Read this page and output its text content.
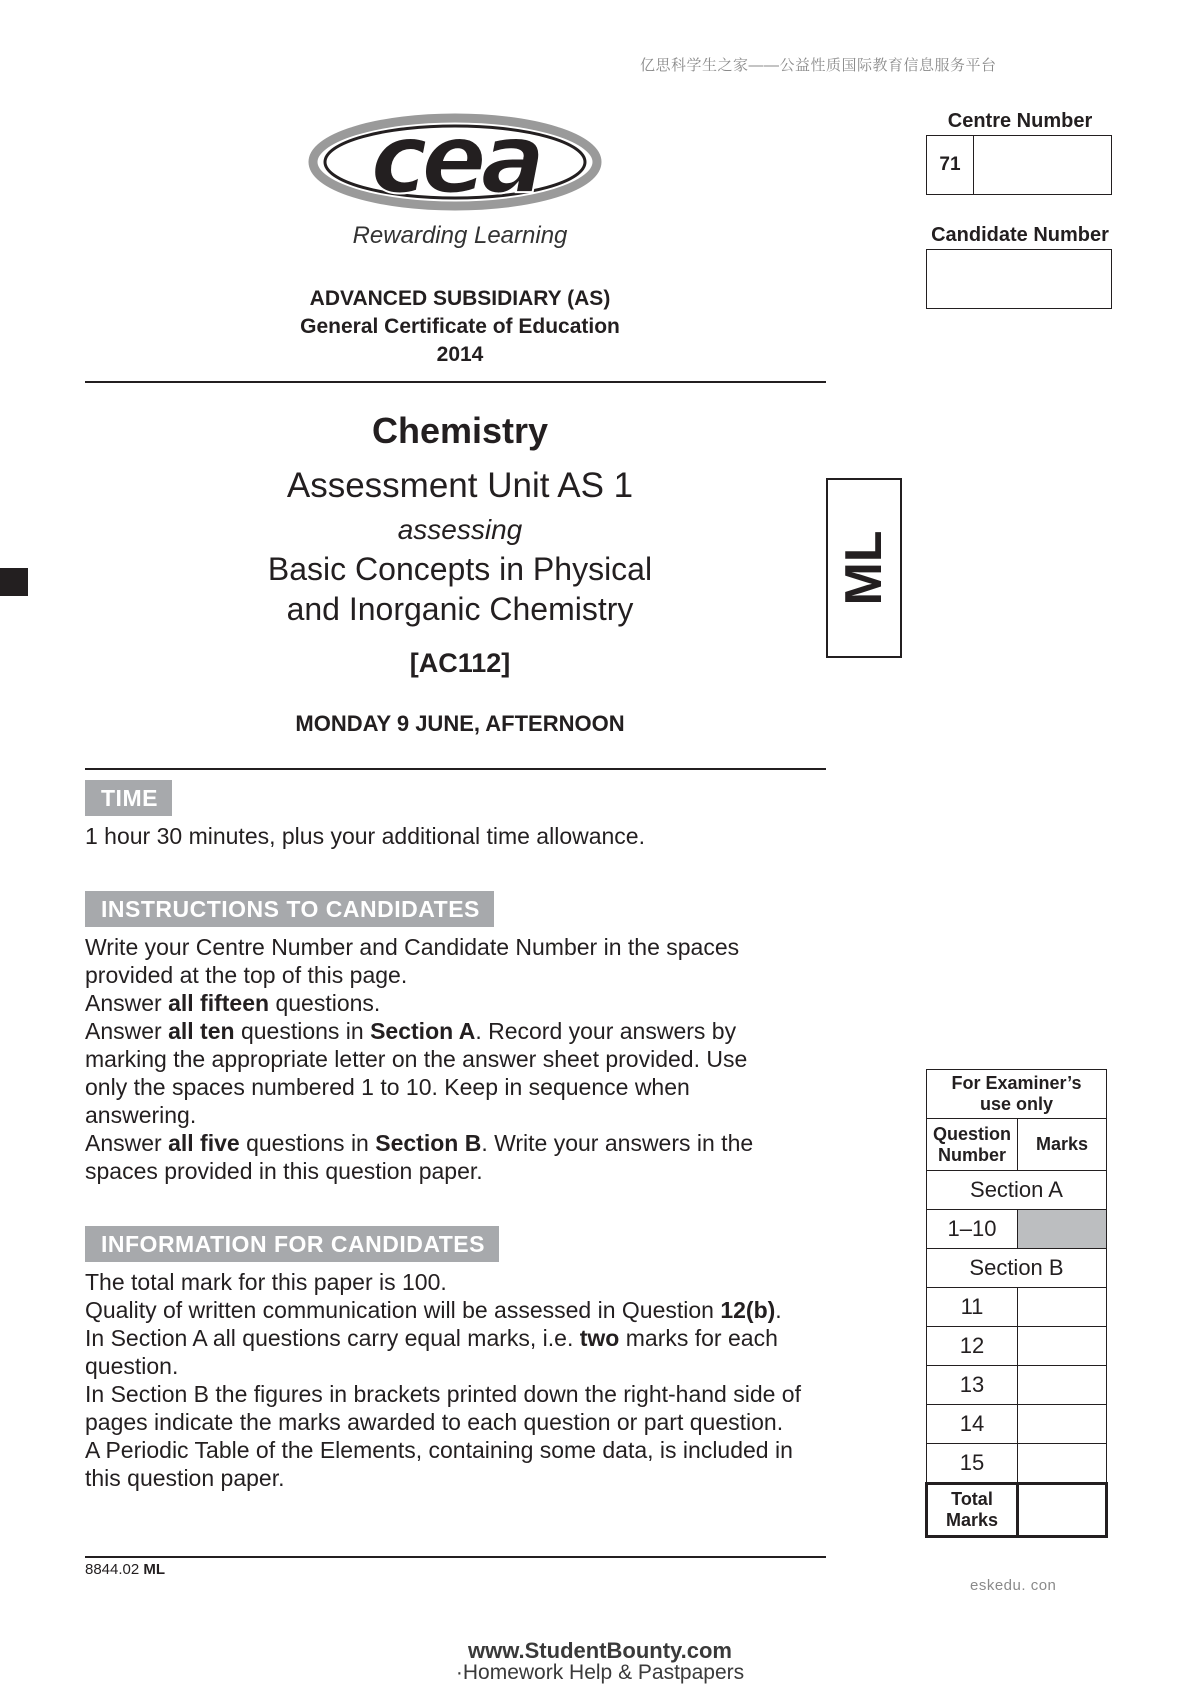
亿思科学生之家——公益性质国际教育信息服务平台
cea
Rewarding Learning
ADVANCED SUBSIDIARY (AS)
General Certificate of Education
2014
Chemistry
Assessment Unit AS 1
assessing
Basic Concepts in Physical
and Inorganic Chemistry
[AC112]
MONDAY 9 JUNE, AFTERNOON
ML
TIME
1 hour 30 minutes, plus your additional time allowance.
INSTRUCTIONS TO CANDIDATES
Write your Centre Number and Candidate Number in the spaces provided at the top of this page.
Answer all fifteen questions.
Answer all ten questions in Section A. Record your answers by marking the appropriate letter on the answer sheet provided. Use only the spaces numbered 1 to 10. Keep in sequence when answering.
Answer all five questions in Section B. Write your answers in the spaces provided in this question paper.
INFORMATION FOR CANDIDATES
The total mark for this paper is 100.
Quality of written communication will be assessed in Question 12(b).
In Section A all questions carry equal marks, i.e. two marks for each question.
In Section B the figures in brackets printed down the right-hand side of pages indicate the marks awarded to each question or part question.
A Periodic Table of the Elements, containing some data, is included in this question paper.
8844.02 ML
Centre Number
71
Candidate Number
For Examiner’s
use only	

Question
Number	Marks
Section A	
1–10	
Section B	
11	
12	
13	
14	
15	

Total
Marks	

eskedu. con
www.StudentBounty.com
·Homework Help & Pastpapers
